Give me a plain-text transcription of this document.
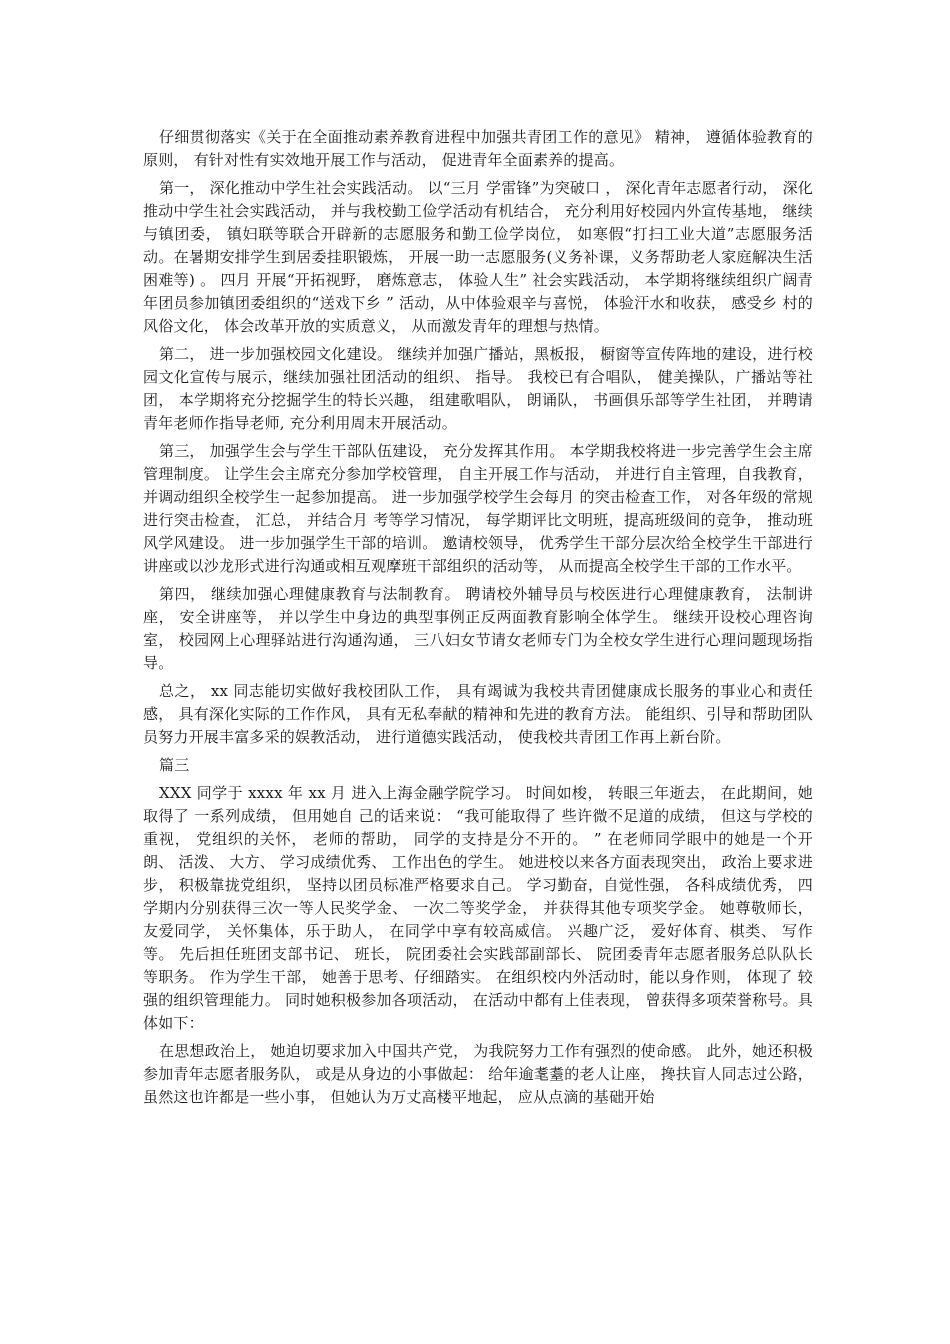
仔细贯彻落实《关于在全面推动素养教育进程中加强共青团工作的意见》 精神， 遵循体验教育的原则， 有针对性有实效地开展工作与活动， 促进青年全面素养的提高。

第一， 深化推动中学生社会实践活动。 以“三月 学雷锋”为突破口 ， 深化青年志愿者行动， 深化推动中学生社会实践活动， 并与我校勤工俭学活动有机结合， 充分利用好校园内外宣传基地， 继续与镇团委， 镇妇联等联合开辟新的志愿服务和勤工俭学岗位， 如寒假“打扫工业大道”志愿服务活动。在暑期安排学生到居委挂职锻炼， 开展一助一志愿服务(义务补课，义务帮助老人家庭解决生活困难等) 。 四月 开展“开拓视野， 磨炼意志， 体验人生” 社会实践活动， 本学期将继续组织广阔青年团员参加镇团委组织的“送戏下乡 ” 活动，从中体验艰辛与喜悦， 体验汗水和收获， 感受乡 村的风俗文化， 体会改革开放的实质意义， 从而激发青年的理想与热情。

第二， 进一步加强校园文化建设。 继续并加强广播站，黑板报， 橱窗等宣传阵地的建设，进行校园文化宣传与展示，继续加强社团活动的组织、 指导。 我校已有合唱队， 健美操队，广播站等社团， 本学期将充分挖掘学生的特长兴趣， 组建歌唱队， 朗诵队， 书画俱乐部等学生社团， 并聘请青年老师作指导老师, 充分利用周末开展活动。

第三， 加强学生会与学生干部队伍建设， 充分发挥其作用。 本学期我校将进一步完善学生会主席管理制度。 让学生会主席充分参加学校管理， 自主开展工作与活动， 并进行自主管理，自我教育， 并调动组织全校学生一起参加提高。 进一步加强学校学生会每月 的突击检查工作， 对各年级的常规进行突击检查， 汇总， 并结合月 考等学习情况， 每学期评比文明班，提高班级间的竞争， 推动班风学风建设。 进一步加强学生干部的培训。 邀请校领导， 优秀学生干部分层次给全校学生干部进行讲座或以沙龙形式进行沟通或相互观摩班干部组织的活动等， 从而提高全校学生干部的工作水平。

第四， 继续加强心理健康教育与法制教育。 聘请校外辅导员与校医进行心理健康教育， 法制讲座， 安全讲座等， 并以学生中身边的典型事例正反两面教育影响全体学生。 继续开设校心理咨询室， 校园网上心理驿站进行沟通沟通， 三八妇女节请女老师专门为全校女学生进行心理问题现场指导。

总之， xx 同志能切实做好我校团队工作， 具有竭诚为我校共青团健康成长服务的事业心和责任感， 具有深化实际的工作作风， 具有无私奉献的精神和先进的教育方法。 能组织、引导和帮助团队员努力开展丰富多采的娱教活动， 进行道德实践活动， 使我校共青团工作再上新台阶。

篇三

XXX 同学于 xxxx 年 xx 月 进入上海金融学院学习。 时间如梭， 转眼三年逝去， 在此期间，她取得了 一系列成绩， 但用她自 己的话来说： “我可能取得了 些许微不足道的成绩， 但这与学校的重视， 党组织的关怀， 老师的帮助， 同学的支持是分不开的。 ” 在老师同学眼中的她是一个开朗、 活泼、 大方、 学习成绩优秀、 工作出色的学生。 她进校以来各方面表现突出， 政治上要求进步， 积极靠拢党组织， 坚持以团员标准严格要求自己。 学习勤奋，自觉性强， 各科成绩优秀， 四学期内分别获得三次一等人民奖学金、 一次二等奖学金， 并获得其他专项奖学金。 她尊敬师长， 友爱同学， 关怀集体，乐于助人， 在同学中享有较高威信。 兴趣广泛， 爱好体育、棋类、 写作等。 先后担任班团支部书记、 班长， 院团委社会实践部副部长、 院团委青年志愿者服务总队队长等职务。 作为学生干部， 她善于思考、仔细踏实。 在组织校内外活动时，能以身作则， 体现了 较强的组织管理能力。 同时她积极参加各项活动， 在活动中都有上佳表现， 曾获得多项荣誉称号。具体如下：

在思想政治上， 她迫切要求加入中国共产党， 为我院努力工作有强烈的使命感。 此外，她还积极参加青年志愿者服务队， 或是从身边的小事做起： 给年逾耄耋的老人让座， 搀扶盲人同志过公路， 虽然这也许都是一些小事， 但她认为万丈高楼平地起， 应从点滴的基础开始
